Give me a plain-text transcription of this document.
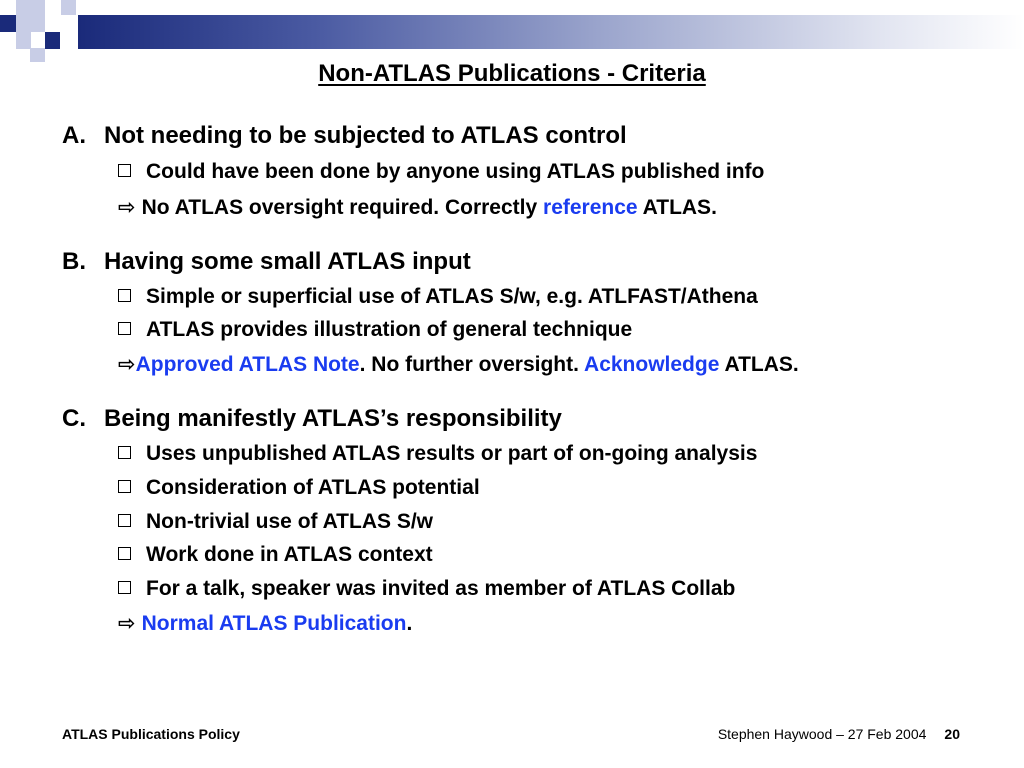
Non-ATLAS Publications - Criteria
A. Not needing to be subjected to ATLAS control
Could have been done by anyone using ATLAS published info
⇨ No ATLAS oversight required. Correctly reference ATLAS.
B. Having some small ATLAS input
Simple or superficial use of ATLAS S/w, e.g. ATLFAST/Athena
ATLAS provides illustration of general technique
⇨Approved ATLAS Note. No further oversight. Acknowledge ATLAS.
C. Being manifestly ATLAS’s responsibility
Uses unpublished ATLAS results or part of on-going analysis
Consideration of ATLAS potential
Non-trivial use of ATLAS S/w
Work done in ATLAS context
For a talk, speaker was invited as member of ATLAS Collab
⇨ Normal ATLAS Publication.
ATLAS Publications Policy	Stephen Haywood – 27 Feb 2004 20
